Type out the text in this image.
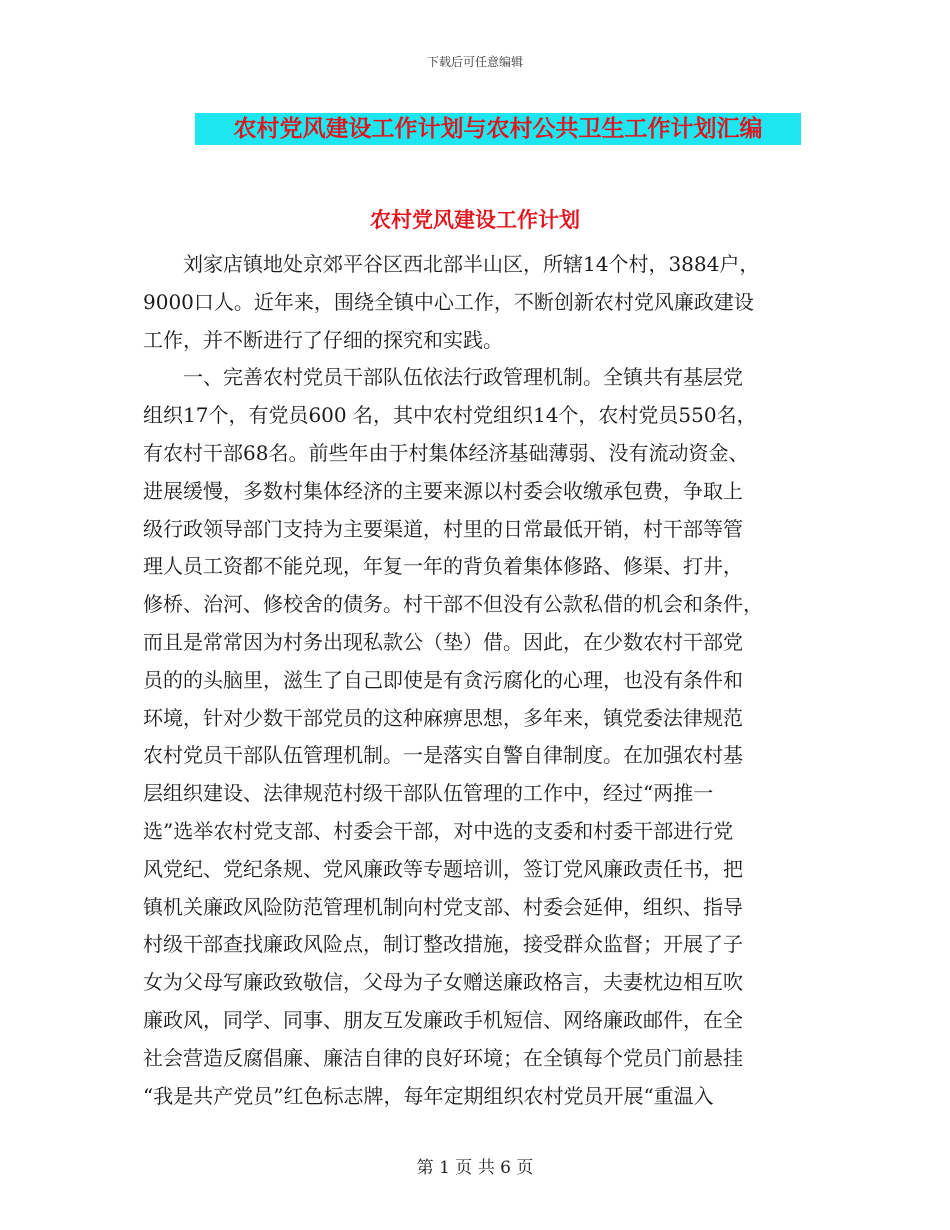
下载后可任意编辑
农村党风建设工作计划与农村公共卫生工作计划汇编
农村党风建设工作计划
　　刘家店镇地处京郊平谷区西北部半山区，所辖14个村，3884户，
9000口人。近年来，围绕全镇中心工作，不断创新农村党风廉政建设
工作，并不断进行了仔细的探究和实践。
　　一、完善农村党员干部队伍依法行政管理机制。全镇共有基层党
组织17个，有党员600 名，其中农村党组织14个，农村党员550名，
有农村干部68名。前些年由于村集体经济基础薄弱、没有流动资金、
进展缓慢，多数村集体经济的主要来源以村委会收缴承包费，争取上
级行政领导部门支持为主要渠道，村里的日常最低开销，村干部等管
理人员工资都不能兑现，年复一年的背负着集体修路、修渠、打井，
修桥、治河、修校舍的债务。村干部不但没有公款私借的机会和条件，
而且是常常因为村务出现私款公（垫）借。因此，在少数农村干部党
员的的头脑里，滋生了自己即使是有贪污腐化的心理，也没有条件和
环境，针对少数干部党员的这种麻痹思想，多年来，镇党委法律规范
农村党员干部队伍管理机制。一是落实自警自律制度。在加强农村基
层组织建设、法律规范村级干部队伍管理的工作中，经过“两推一
选”选举农村党支部、村委会干部，对中选的支委和村委干部进行党
风党纪、党纪条规、党风廉政等专题培训，签订党风廉政责任书，把
镇机关廉政风险防范管理机制向村党支部、村委会延伸，组织、指导
村级干部查找廉政风险点，制订整改措施，接受群众监督；开展了子
女为父母写廉政致敬信，父母为子女赠送廉政格言，夫妻枕边相互吹
廉政风，同学、同事、朋友互发廉政手机短信、网络廉政邮件，在全
社会营造反腐倡廉、廉洁自律的良好环境；在全镇每个党员门前悬挂
“我是共产党员”红色标志牌，每年定期组织农村党员开展“重温入
第 1 页 共 6 页
